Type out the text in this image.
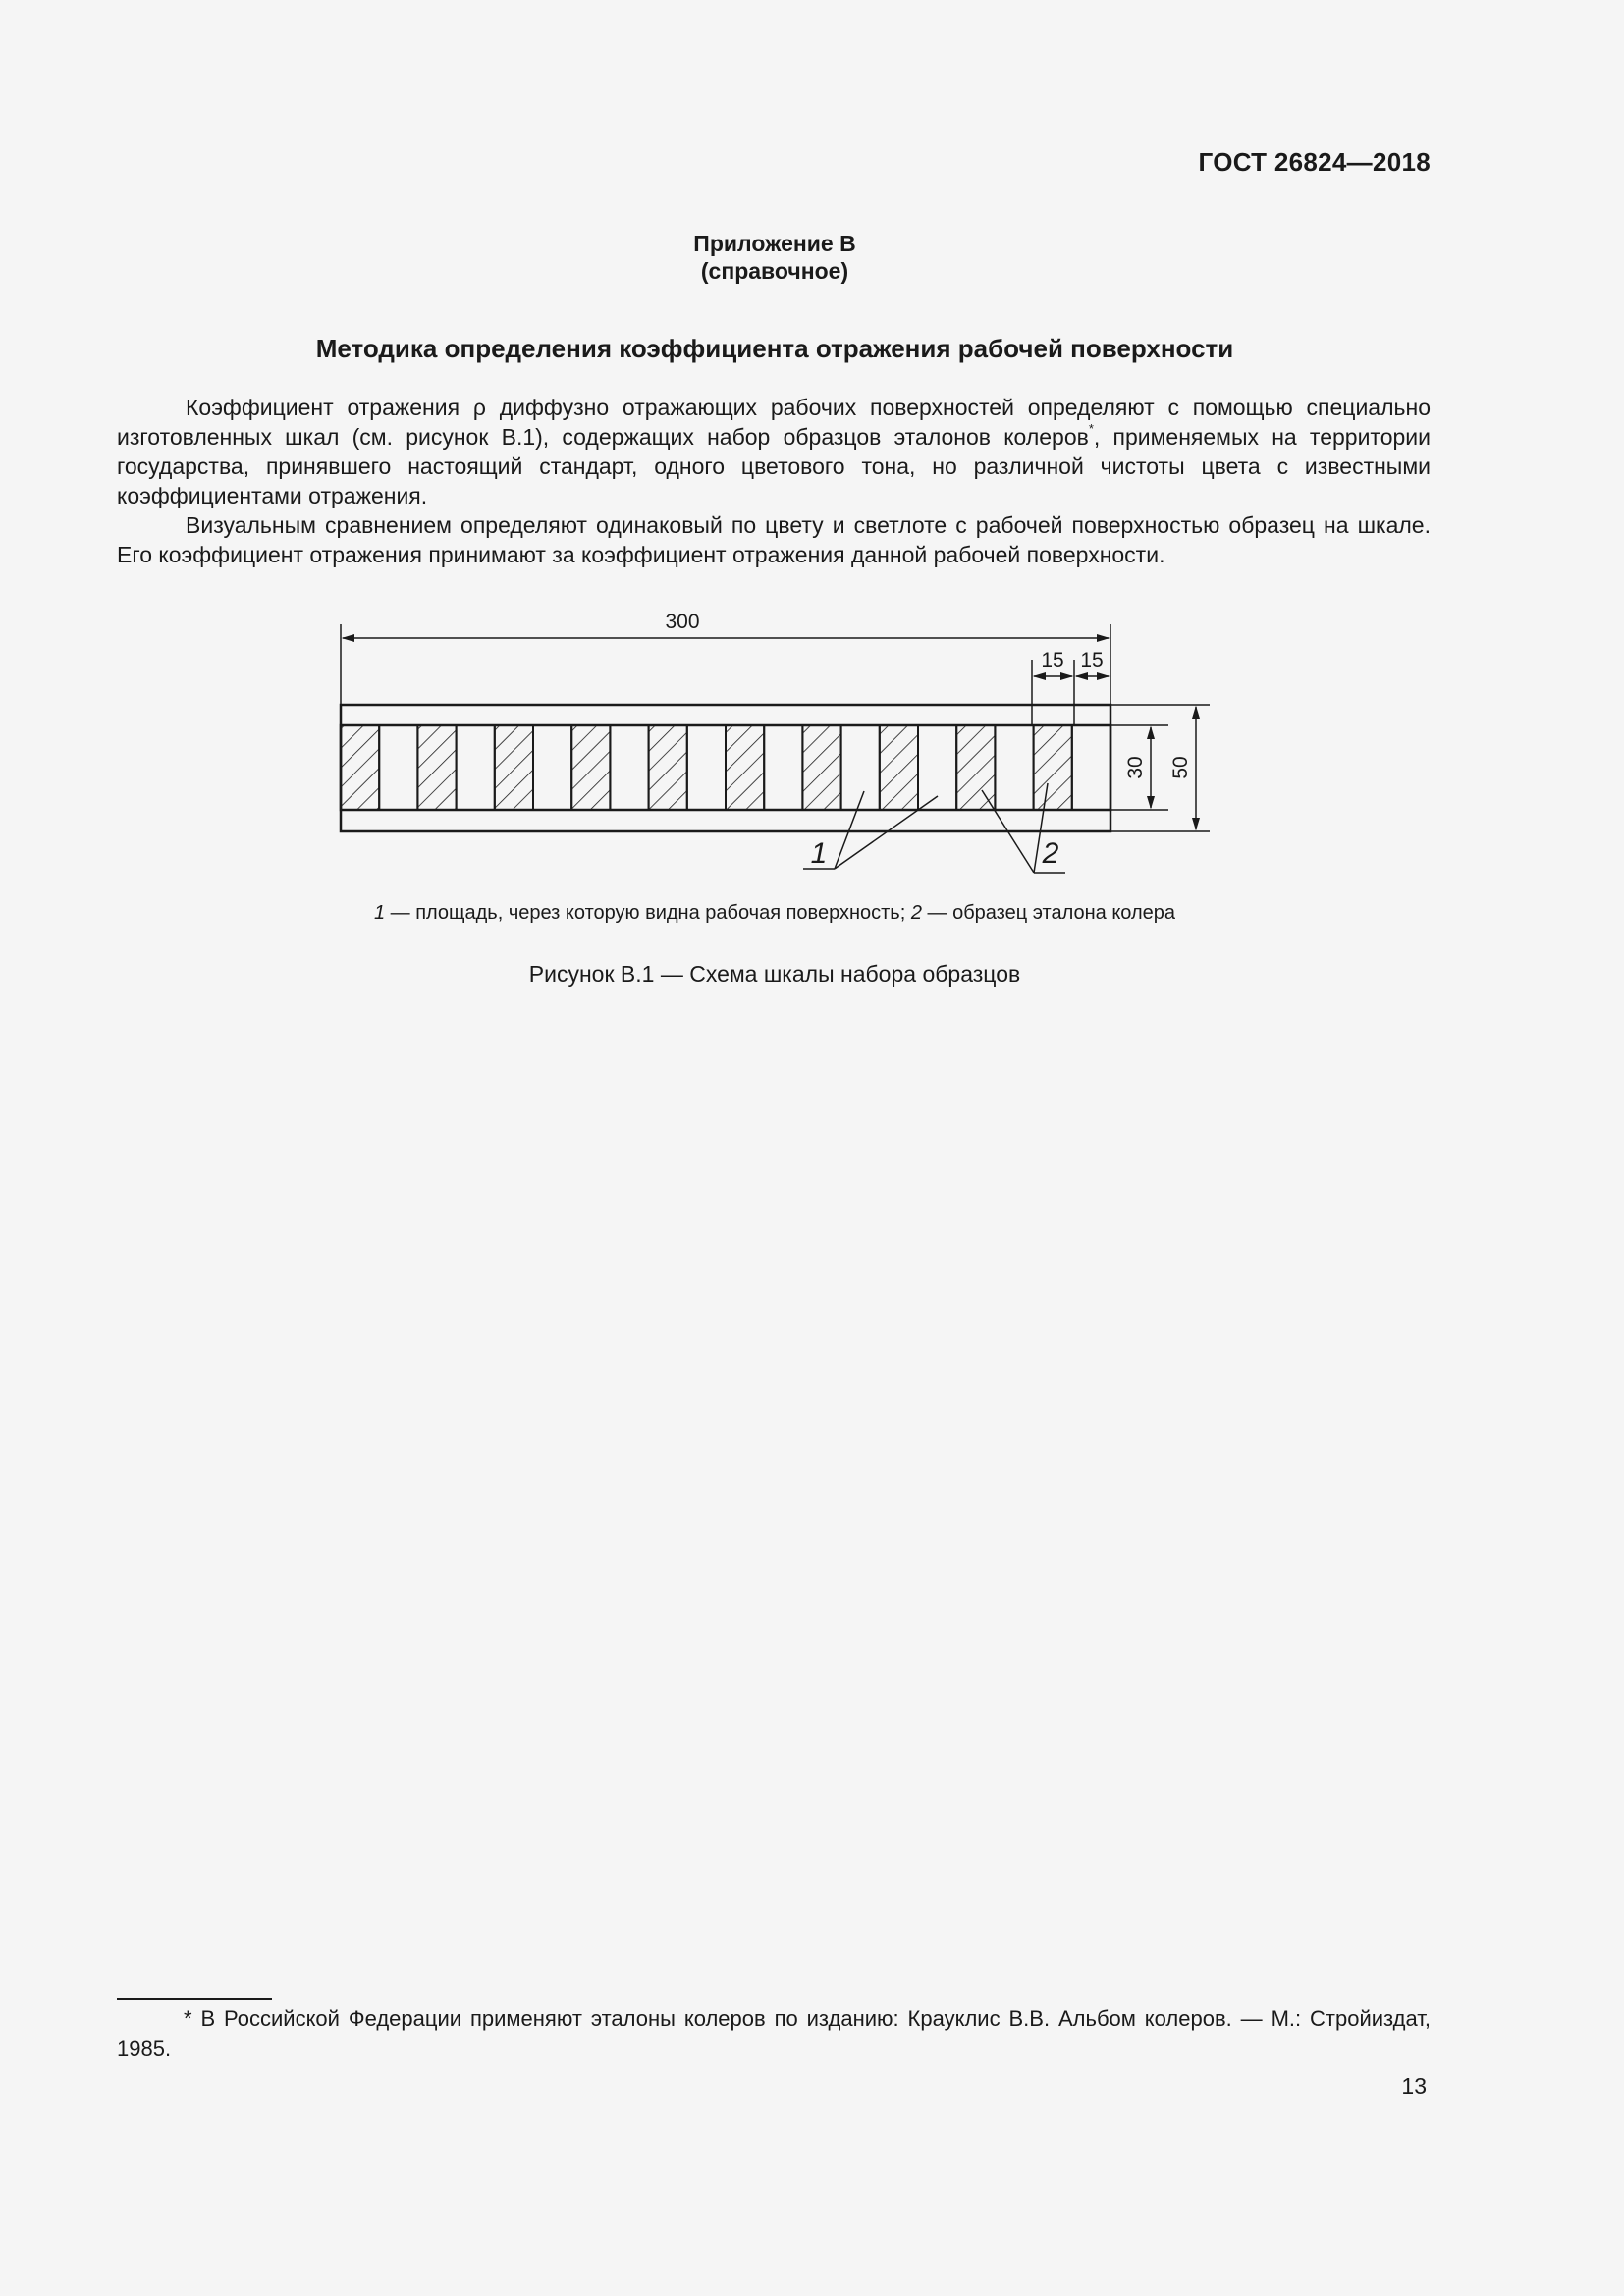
ГОСТ 26824—2018
Приложение В
(справочное)
Методика определения коэффициента отражения рабочей поверхности

Коэффициент отражения ρ диффузно отражающих рабочих поверхностей определяют с помощью специально изготовленных шкал (см. рисунок В.1), содержащих набор образцов эталонов колеров*, применяемых на территории государства, принявшего настоящий стандарт, одного цветового тона, но различной чистоты цвета с известными коэффициентами отражения.

Визуальным сравнением определяют одинаковый по цвету и светлоте с рабочей поверхностью образец на шкале. Его коэффициент отражения принимают за коэффициент отражения данной рабочей поверхности.

300
15 15
30 50
1	2
1 — площадь, через которую видна рабочая поверхность; 2 — образец эталона колера
Рисунок В.1 — Схема шкалы набора образцов
* В Российской Федерации применяют эталоны колеров по изданию: Крауклис В.В. Альбом колеров. — М.: Стройиздат, 1985.
13
